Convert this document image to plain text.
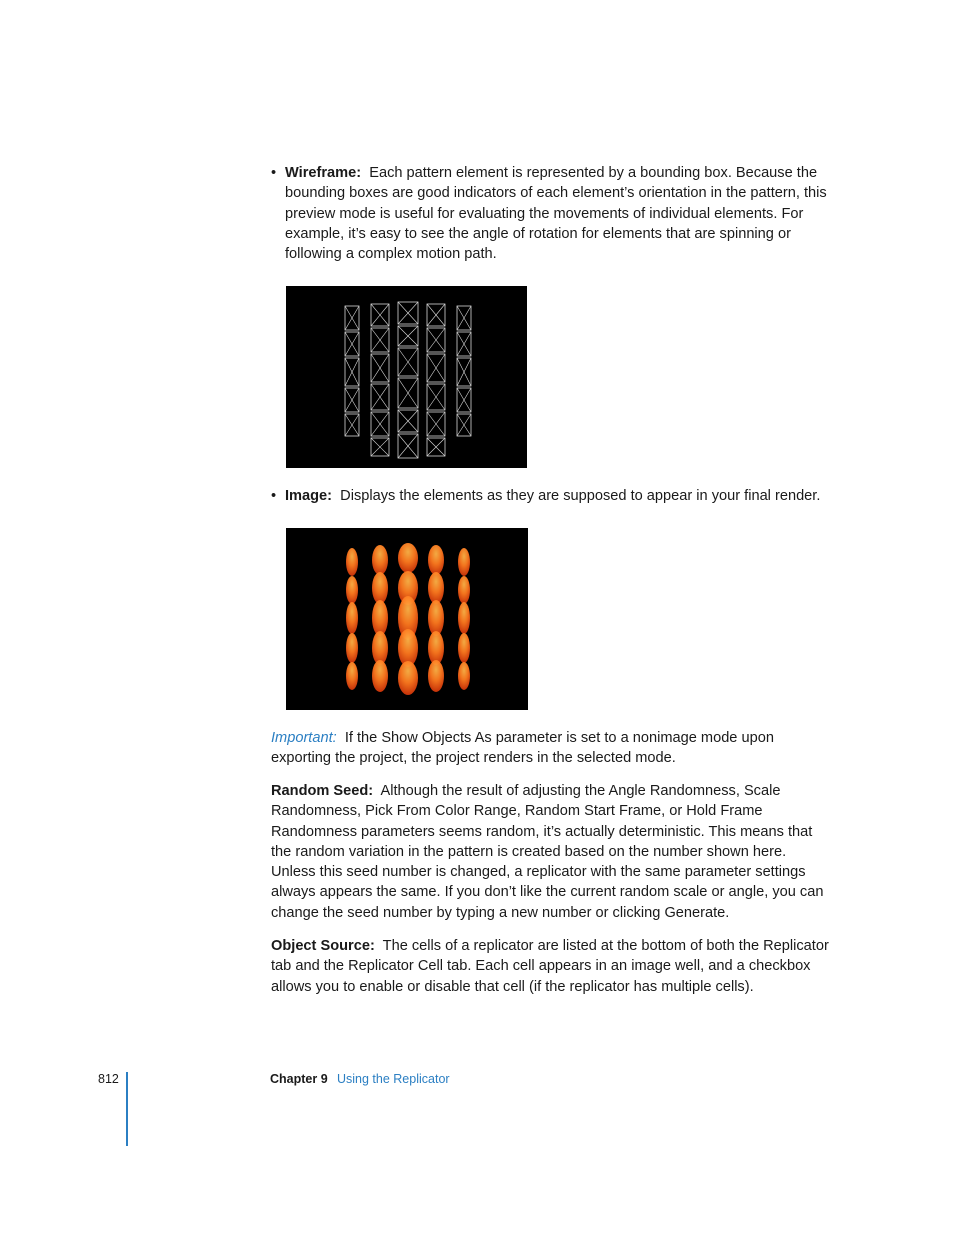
• Wireframe: Each pattern element is represented by a bounding box. Because the bounding boxes are good indicators of each element’s orientation in the pattern, this preview mode is useful for evaluating the movements of individual elements. For example, it’s easy to see the angle of rotation for elements that are spinning or following a complex motion path.

• Image: Displays the elements as they are supposed to appear in your final render.

Important: If the Show Objects As parameter is set to a nonimage mode upon exporting the project, the project renders in the selected mode.

Random Seed: Although the result of adjusting the Angle Randomness, Scale Randomness, Pick From Color Range, Random Start Frame, or Hold Frame Randomness parameters seems random, it’s actually deterministic. This means that the random variation in the pattern is created based on the number shown here. Unless this seed number is changed, a replicator with the same parameter settings always appears the same. If you don’t like the current random scale or angle, you can change the seed number by typing a new number or clicking Generate.

Object Source: The cells of a replicator are listed at the bottom of both the Replicator tab and the Replicator Cell tab. Each cell appears in an image well, and a checkbox allows you to enable or disable that cell (if the replicator has multiple cells).

812	Chapter 9 Using the Replicator
